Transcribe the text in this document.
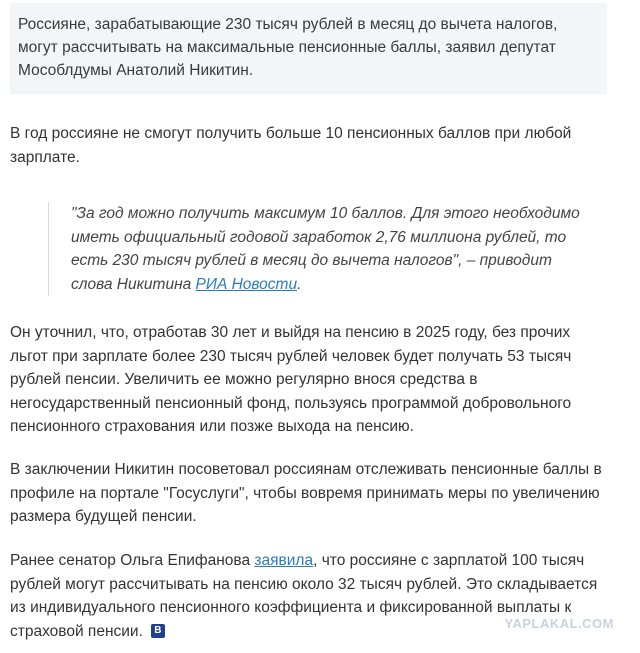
Россияне, зарабатывающие 230 тысяч рублей в месяц до вычета налогов, могут рассчитывать на максимальные пенсионные баллы, заявил депутат Мособлдумы Анатолий Никитин.
В год россияне не смогут получить больше 10 пенсионных баллов при любой зарплате.
"За год можно получить максимум 10 баллов. Для этого необходимо иметь официальный годовой заработок 2,76 миллиона рублей, то есть 230 тысяч рублей в месяц до вычета налогов", – приводит слова Никитина РИА Новости.
Он уточнил, что, отработав 30 лет и выйдя на пенсию в 2025 году, без прочих льгот при зарплате более 230 тысяч рублей человек будет получать 53 тысяч рублей пенсии. Увеличить ее можно регулярно внося средства в негосударственный пенсионный фонд, пользуясь программой добровольного пенсионного страхования или позже выхода на пенсию.
В заключении Никитин посоветовал россиянам отслеживать пенсионные баллы в профиле на портале "Госуслуги", чтобы вовремя принимать меры по увеличению размера будущей пенсии.
Ранее сенатор Ольга Епифанова заявила, что россияне с зарплатой 100 тысяч рублей могут рассчитывать на пенсию около 32 тысяч рублей. Это складывается из индивидуального пенсионного коэффициента и фиксированной выплаты к страховой пенсии. B	YAPLAKAL.COM
